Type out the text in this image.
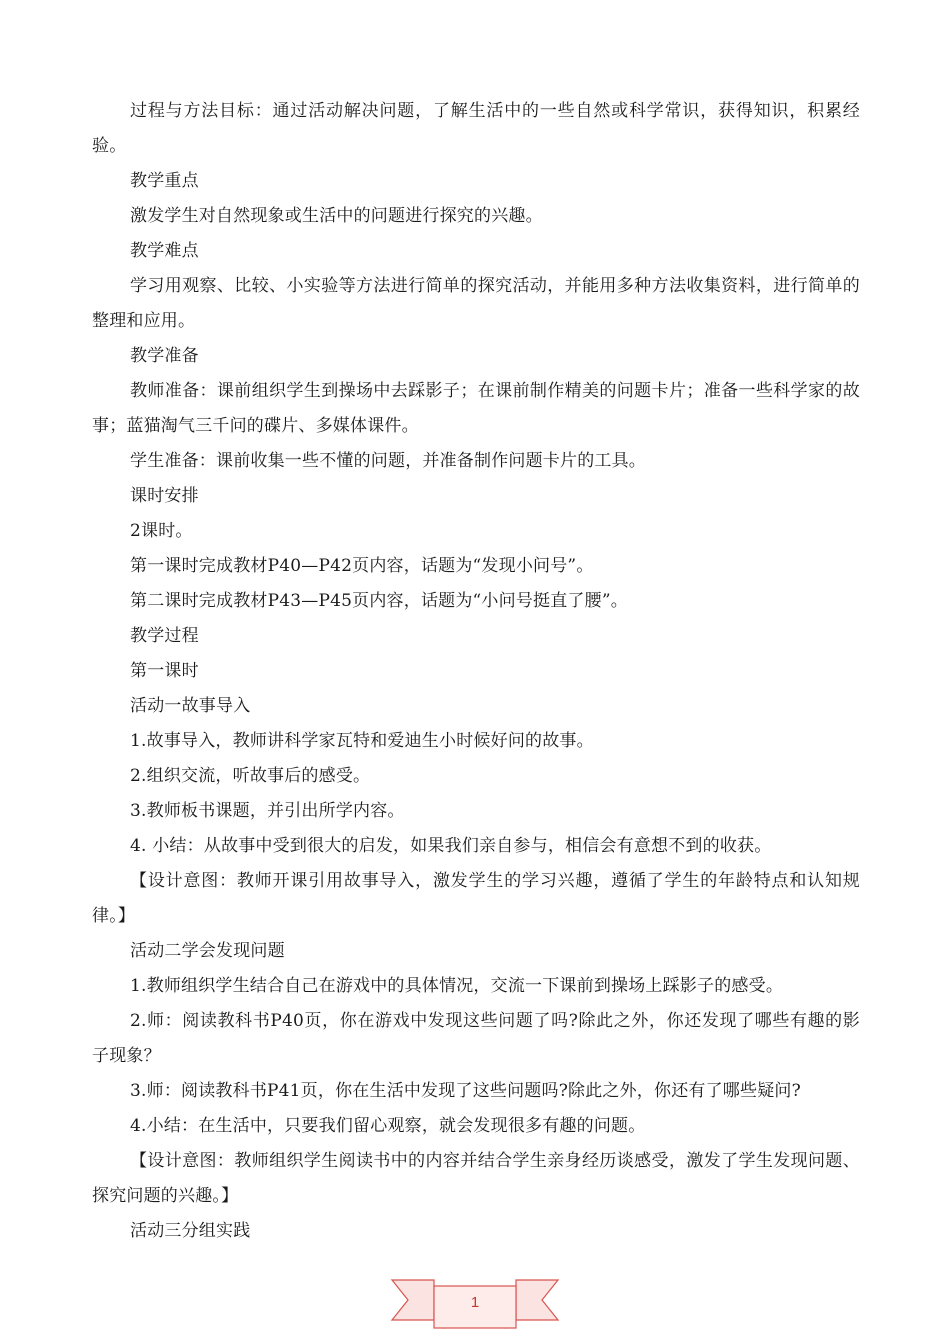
过程与方法目标：通过活动解决问题，了解生活中的一些自然或科学常识，获得知识，积累经验。

教学重点

激发学生对自然现象或生活中的问题进行探究的兴趣。

教学难点

学习用观察、比较、小实验等方法进行简单的探究活动，并能用多种方法收集资料，进行简单的整理和应用。

教学准备

教师准备：课前组织学生到操场中去踩影子；在课前制作精美的问题卡片；准备一些科学家的故事；蓝猫淘气三千问的碟片、多媒体课件。

学生准备：课前收集一些不懂的问题，并准备制作问题卡片的工具。

课时安排

2课时。

第一课时完成教材P40—P42页内容，话题为“发现小问号”。

第二课时完成教材P43—P45页内容，话题为“小问号挺直了腰”。

教学过程

第一课时

活动一故事导入

1.故事导入，教师讲科学家瓦特和爱迪生小时候好问的故事。

2.组织交流，听故事后的感受。

3.教师板书课题，并引出所学内容。

4. 小结：从故事中受到很大的启发，如果我们亲自参与，相信会有意想不到的收获。

【设计意图：教师开课引用故事导入，激发学生的学习兴趣，遵循了学生的年龄特点和认知规律。】

活动二学会发现问题

1.教师组织学生结合自己在游戏中的具体情况，交流一下课前到操场上踩影子的感受。

2.师：阅读教科书P40页，你在游戏中发现这些问题了吗?除此之外，你还发现了哪些有趣的影子现象？

3.师：阅读教科书P41页，你在生活中发现了这些问题吗?除此之外，你还有了哪些疑问?

4.小结：在生活中，只要我们留心观察，就会发现很多有趣的问题。

【设计意图：教师组织学生阅读书中的内容并结合学生亲身经历谈感受，激发了学生发现问题、探究问题的兴趣。】

活动三分组实践

1
